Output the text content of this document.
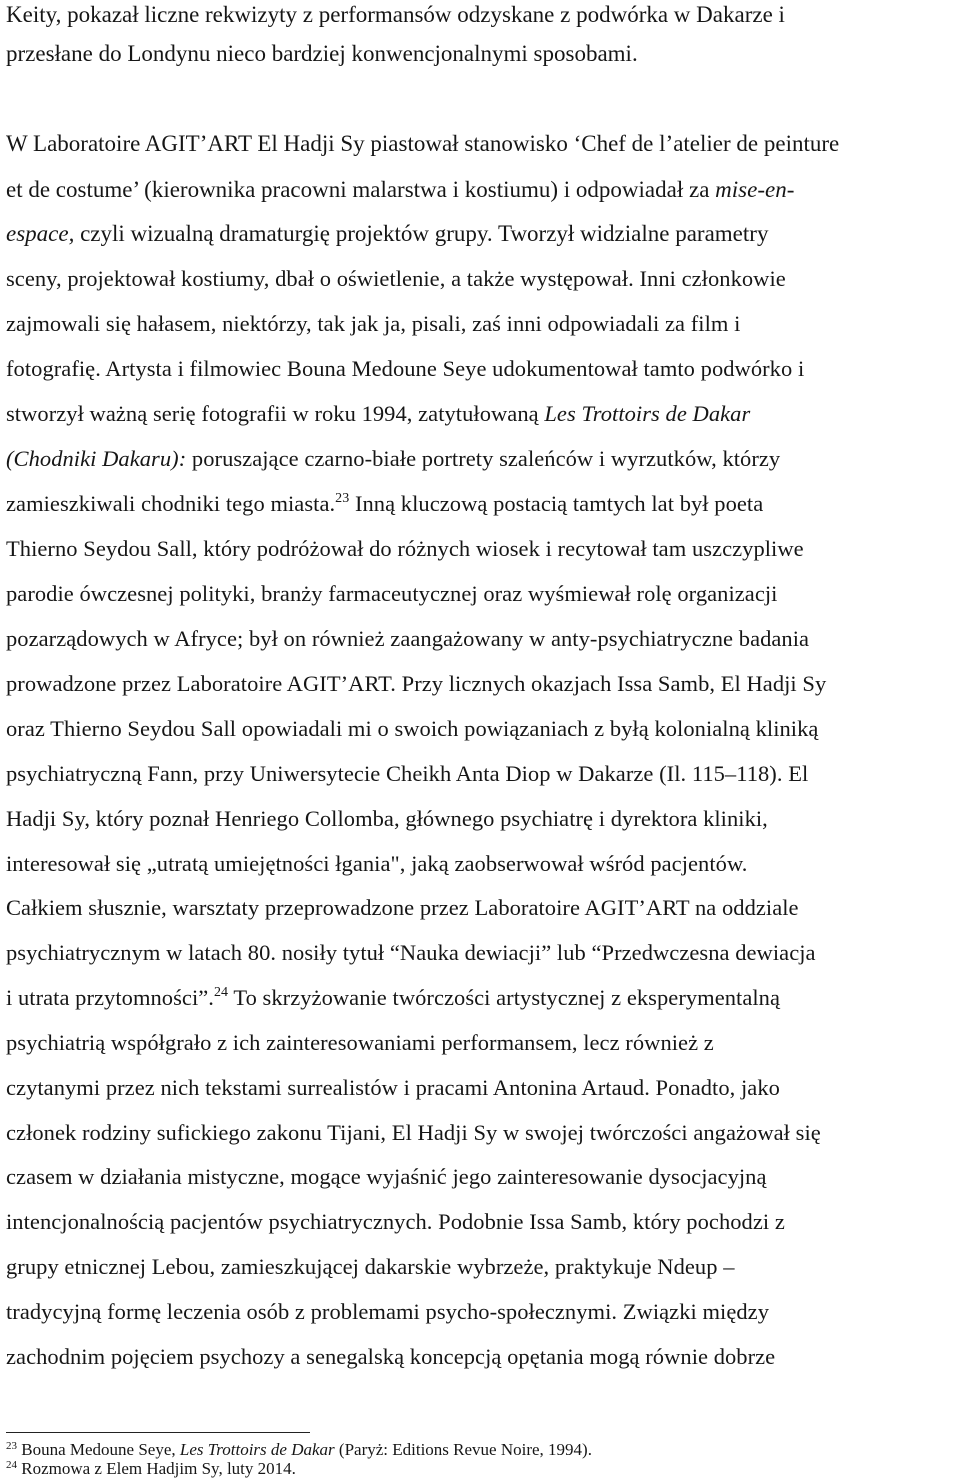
Keity, pokazał liczne rekwizyty z performansów odzyskane z podwórka w Dakarze i
przesłane do Londynu nieco bardziej konwencjonalnymi sposobami.
W Laboratoire AGIT’ART El Hadji Sy piastował stanowisko ‘Chef de l’atelier de peinture
et de costume’ (kierownika pracowni malarstwa i kostiumu) i odpowiadał za mise-en-
espace, czyli wizualną dramaturgię projektów grupy. Tworzył widzialne parametry
sceny, projektował kostiumy, dbał o oświetlenie, a także występował. Inni członkowie
zajmowali się hałasem, niektórzy, tak jak ja, pisali, zaś inni odpowiadali za film i
fotografię. Artysta i filmowiec Bouna Medoune Seye udokumentował tamto podwórko i
stworzył ważną serię fotografii w roku 1994, zatytułowaną Les Trottoirs de Dakar
(Chodniki Dakaru): poruszające czarno-białe portrety szaleńców i wyrzutków, którzy
zamieszkiwali chodniki tego miasta.$^{23}$ Inną kluczową postacią tamtych lat był poeta
Thierno Seydou Sall, który podróżował do różnych wiosek i recytował tam uszczypliwe
parodie ówczesnej polityki, branży farmaceutycznej oraz wyśmiewał rolę organizacji
pozarządowych w Afryce; był on również zaangażowany w anty-psychiatryczne badania
prowadzone przez Laboratoire AGIT’ART. Przy licznych okazjach Issa Samb, El Hadji Sy
oraz Thierno Seydou Sall opowiadali mi o swoich powiązaniach z byłą kolonialną kliniką
psychiatryczną Fann, przy Uniwersytecie Cheikh Anta Diop w Dakarze (Il. 115–118). El
Hadji Sy, który poznał Henriego Collomba, głównego psychiatrę i dyrektora kliniki,
interesował się „utratą umiejętności łgania", jaką zaobserwował wśród pacjentów.
Całkiem słusznie, warsztaty przeprowadzone przez Laboratoire AGIT’ART na oddziale
psychiatrycznym w latach 80. nosiły tytuł “Nauka dewiacji” lub “Przedwczesna dewiacja
i utrata przytomności”.$^{24}$ To skrzyżowanie twórczości artystycznej z eksperymentalną
psychiatrią współgrało z ich zainteresowaniami performansem, lecz również z
czytanymi przez nich tekstami surrealistów i pracami Antonina Artaud. Ponadto, jako
członek rodziny sufickiego zakonu Tijani, El Hadji Sy w swojej twórczości angażował się
czasem w działania mistyczne, mogące wyjaśnić jego zainteresowanie dysocjacyjną
intencjonalnością pacjentów psychiatrycznych. Podobnie Issa Samb, który pochodzi z
grupy etnicznej Lebou, zamieszkującej dakarskie wybrzeże, praktykuje Ndeup –
tradycyjną formę leczenia osób z problemami psycho-społecznymi. Związki między
zachodnim pojęciem psychozy a senegalską koncepcją opętania mogą równie dobrze
$^{23}$ Bouna Medoune Seye, Les Trottoirs de Dakar (Paryż: Editions Revue Noire, 1994).
$^{24}$ Rozmowa z Elem Hadjim Sy, luty 2014.
